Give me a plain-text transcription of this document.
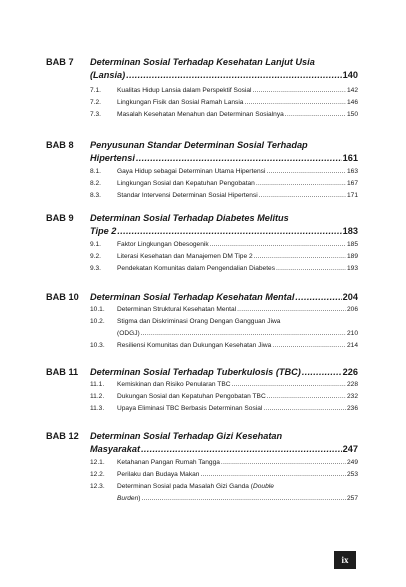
BAB 7 Determinan Sosial Terhadap Kesehatan Lanjut Usia
(Lansia) .....	140
7.1.	Kualitas Hidup Lansia dalam Perspektif Sosial .....	142
7.2.	Lingkungan Fisik dan Sosial Ramah Lansia .....	146
7.3.	Masalah Kesehatan Menahun dan Determinan Sosialnya .....	150
BAB 8 Penyusunan Standar Determinan Sosial Terhadap
Hipertensi .....	161
8.1.	Gaya Hidup sebagai Determinan Utama Hipertensi .....	163
8.2.	Lingkungan Sosial dan Kepatuhan Pengobatan .....	167
8.3.	Standar Intervensi Determinan Sosial Hipertensi .....	171
BAB 9 Determinan Sosial Terhadap Diabetes Melitus
Tipe 2 .....	183
9.1.	Faktor Lingkungan Obesogenik .....	185
9.2.	Literasi Kesehatan dan Manajemen DM Tipe 2 .....	189
9.3.	Pendekatan Komunitas dalam Pengendalian Diabetes .....	193
BAB 10 Determinan Sosial Terhadap Kesehatan Mental .....	204
10.1.	Determinan Struktural Kesehatan Mental .....	206
10.2.	Stigma dan Diskriminasi Orang Dengan Gangguan Jiwa
(ODGJ) .....	210
10.3.	Resiliensi Komunitas dan Dukungan Kesehatan Jiwa .....	214
BAB 11 Determinan Sosial Terhadap Tuberkulosis (TBC) .....	226
11.1.	Kemiskinan dan Risiko Penularan TBC .....	228
11.2.	Dukungan Sosial dan Kepatuhan Pengobatan TBC .....	232
11.3.	Upaya Eliminasi TBC Berbasis Determinan Sosial .....	236
BAB 12 Determinan Sosial Terhadap Gizi Kesehatan
Masyarakat .....	247
12.1.	Ketahanan Pangan Rumah Tangga .....	249
12.2.	Perilaku dan Budaya Makan .....	253
12.3.	Determinan Sosial pada Masalah Gizi Ganda (Double
Burden) .....	257
ix
